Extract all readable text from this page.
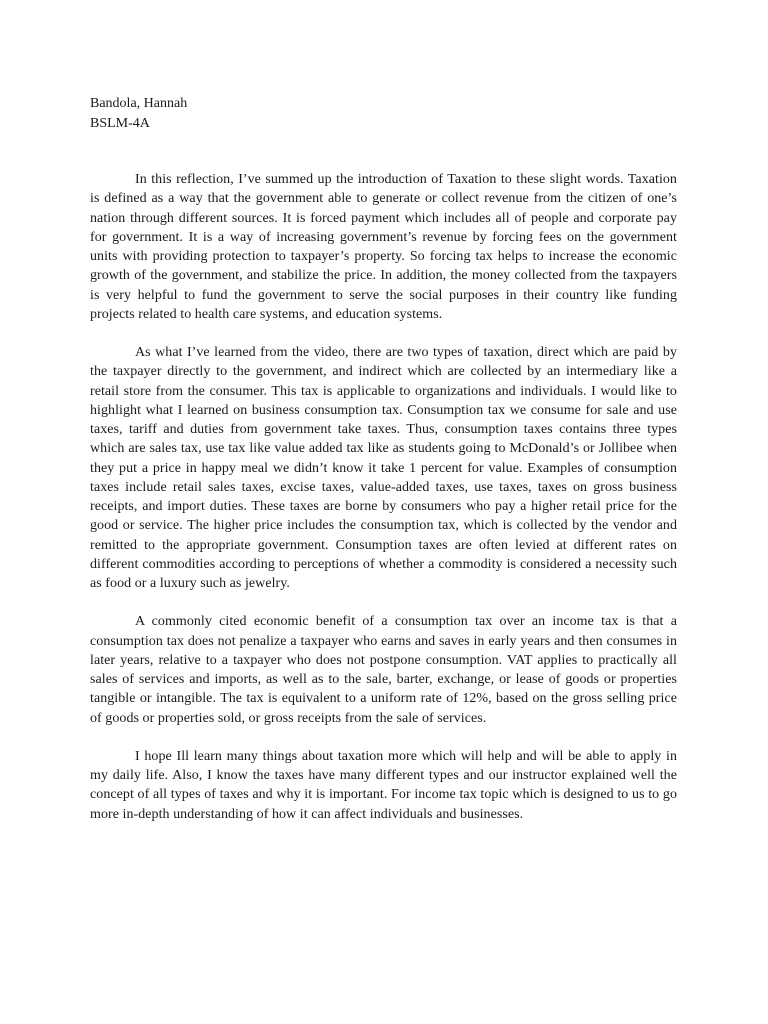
Bandola, Hannah

BSLM-4A

In this reflection, I’ve summed up the introduction of Taxation to these slight words. Taxation is defined as a way that the government able to generate or collect revenue from the citizen of one’s nation through different sources. It is forced payment which includes all of people and corporate pay for government. It is a way of increasing government’s revenue by forcing fees on the government units with providing protection to taxpayer’s property. So forcing tax helps to increase the economic growth of the government, and stabilize the price. In addition, the money collected from the taxpayers is very helpful to fund the government to serve the social purposes in their country like funding projects related to health care systems, and education systems.

As what I’ve learned from the video, there are two types of taxation, direct which are paid by the taxpayer directly to the government, and indirect which are collected by an intermediary like a retail store from the consumer. This tax is applicable to organizations and individuals. I would like to highlight what I learned on business consumption tax. Consumption tax we consume for sale and use taxes, tariff and duties from government take taxes. Thus, consumption taxes contains three types which are sales tax, use tax like value added tax like as students going to McDonald’s or Jollibee when they put a price in happy meal we didn’t know it take 1 percent for value. Examples of consumption taxes include retail sales taxes, excise taxes, value-added taxes, use taxes, taxes on gross business receipts, and import duties. These taxes are borne by consumers who pay a higher retail price for the good or service. The higher price includes the consumption tax, which is collected by the vendor and remitted to the appropriate government. Consumption taxes are often levied at different rates on different commodities according to perceptions of whether a commodity is considered a necessity such as food or a luxury such as jewelry.

A commonly cited economic benefit of a consumption tax over an income tax is that a consumption tax does not penalize a taxpayer who earns and saves in early years and then consumes in later years, relative to a taxpayer who does not postpone consumption. VAT applies to practically all sales of services and imports, as well as to the sale, barter, exchange, or lease of goods or properties tangible or intangible. The tax is equivalent to a uniform rate of 12%, based on the gross selling price of goods or properties sold, or gross receipts from the sale of services.

I hope Ill learn many things about taxation more which will help and will be able to apply in my daily life. Also, I know the taxes have many different types and our instructor explained well the concept of all types of taxes and why it is important. For income tax topic which is designed to us to go more in-depth understanding of how it can affect individuals and businesses.
